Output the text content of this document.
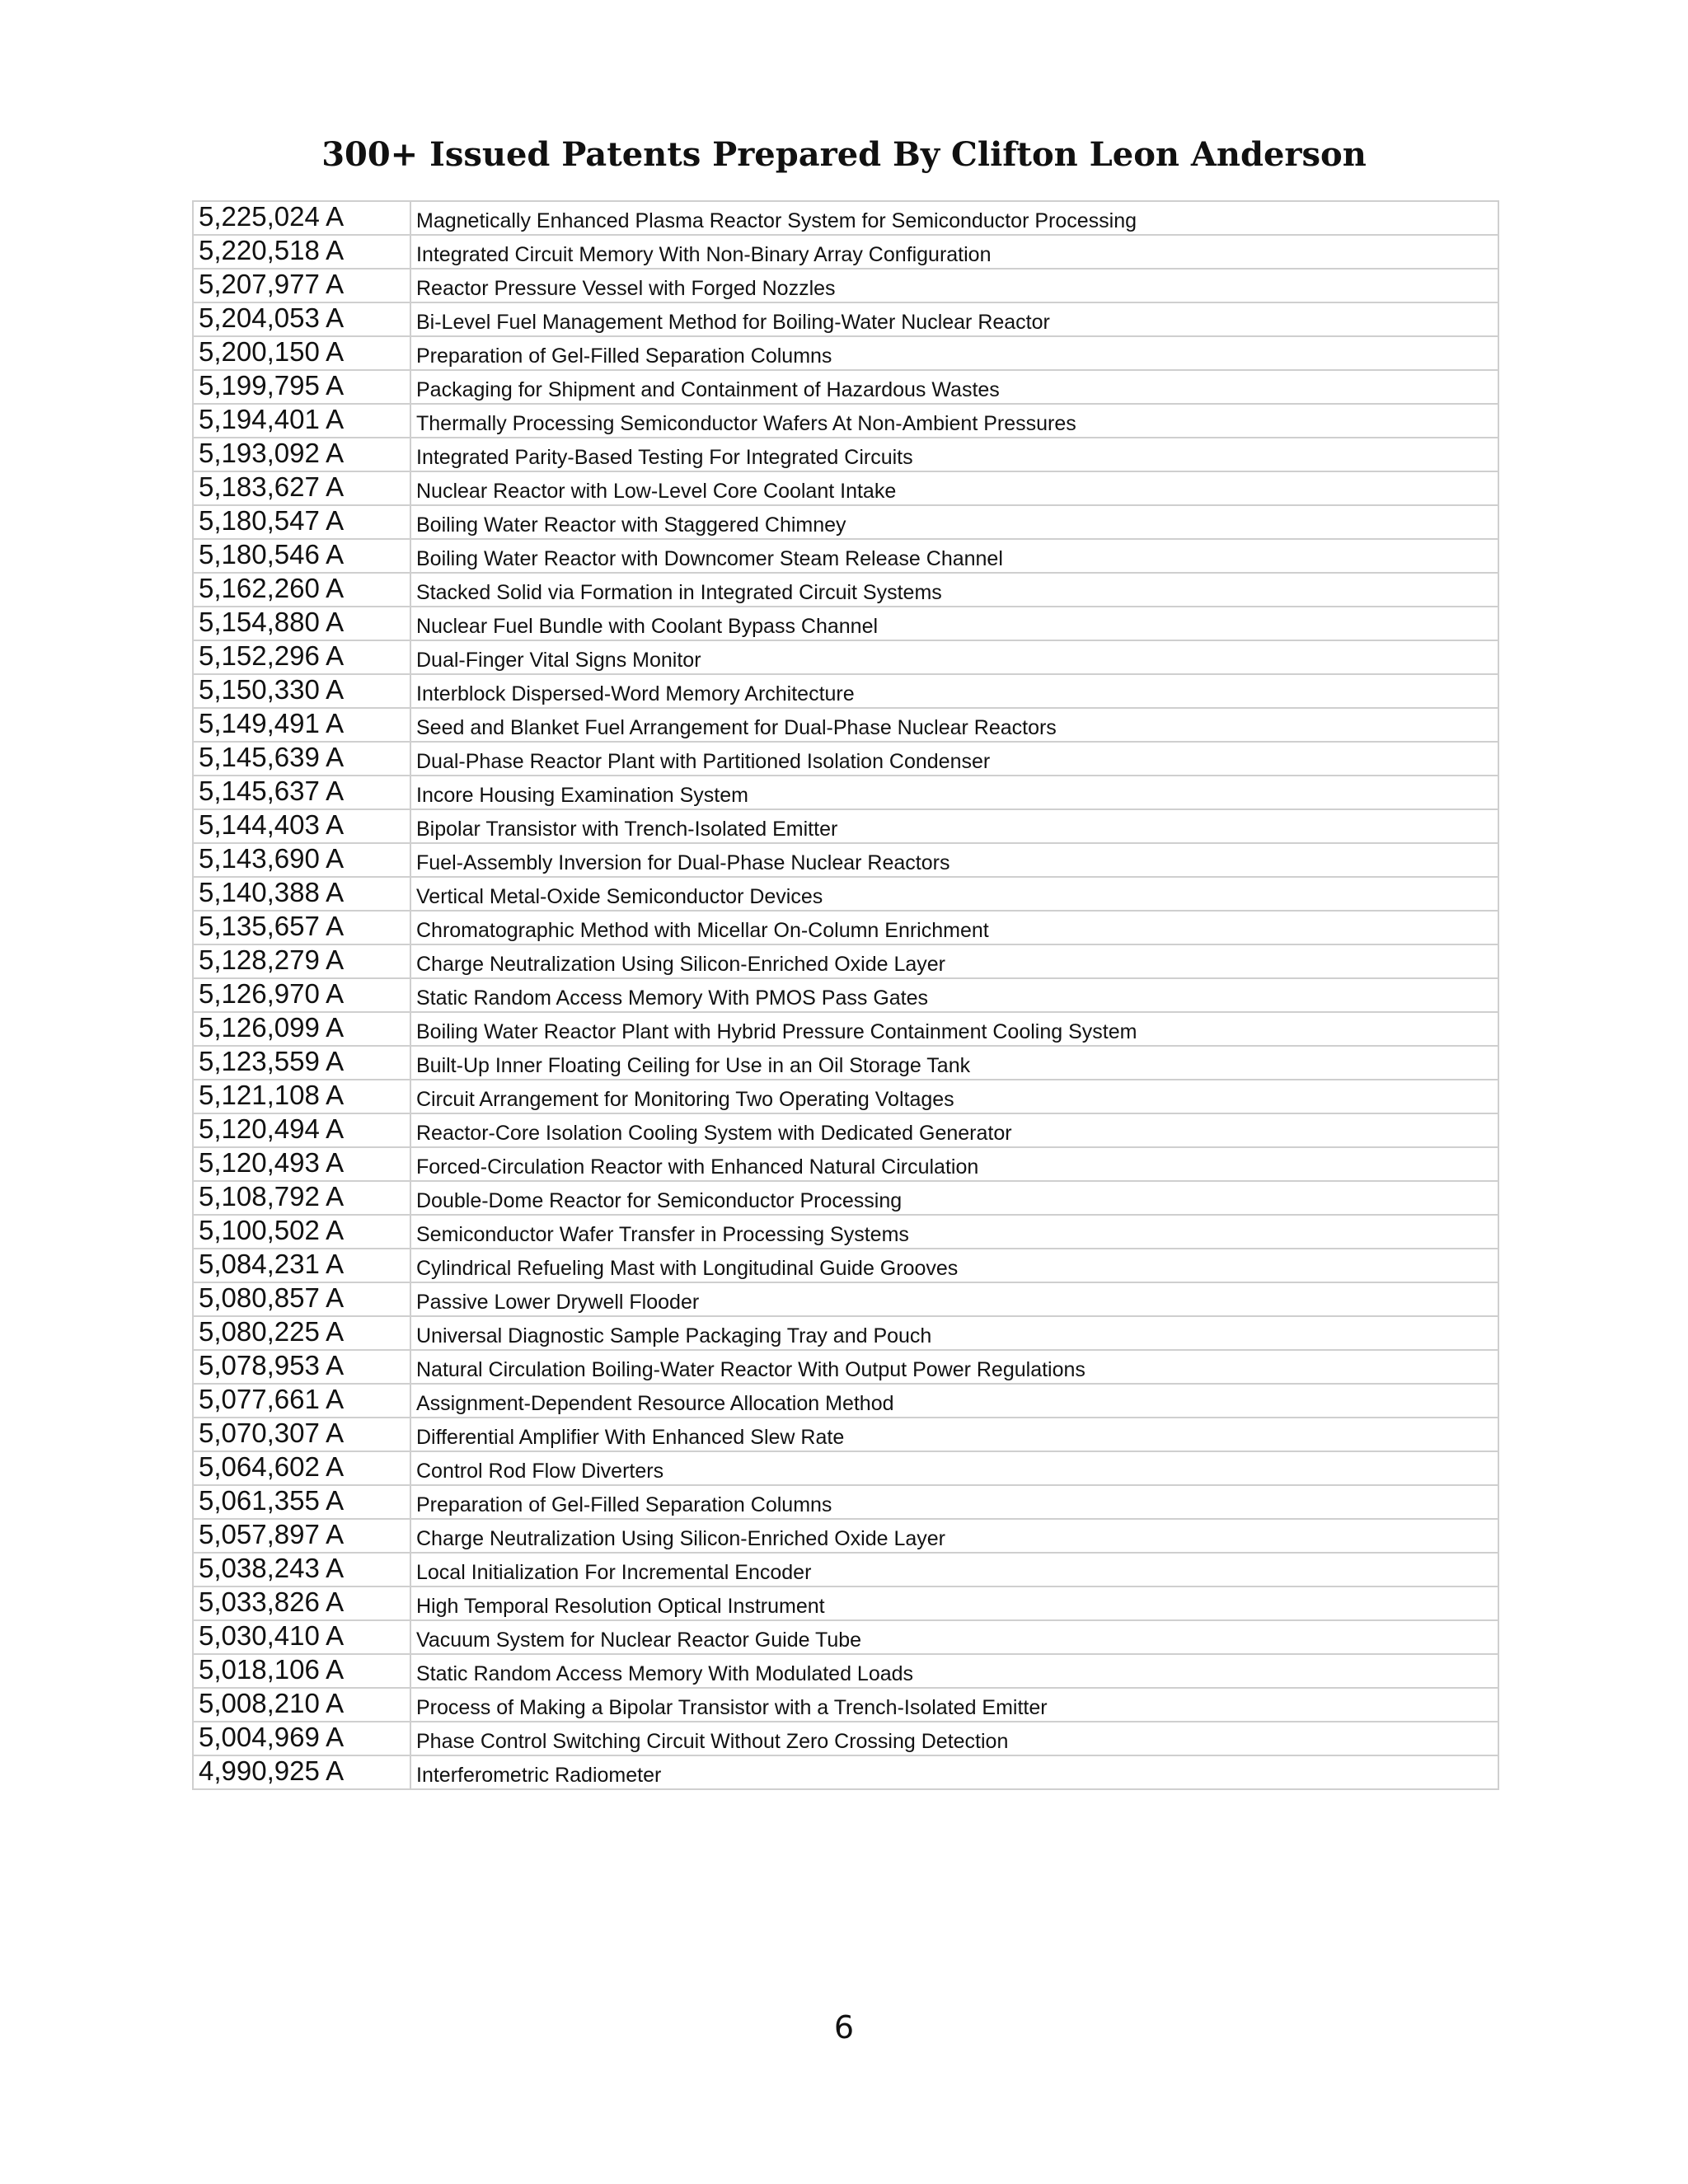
300+ Issued Patents Prepared By Clifton Leon Anderson
5,225,024 A	Magnetically Enhanced Plasma Reactor System for Semiconductor Processing
5,220,518 A	Integrated Circuit Memory With Non-Binary Array Configuration
5,207,977 A	Reactor Pressure Vessel with Forged Nozzles
5,204,053 A	Bi-Level Fuel Management Method for Boiling-Water Nuclear Reactor
5,200,150 A	Preparation of Gel-Filled Separation Columns
5,199,795 A	Packaging for Shipment and Containment of Hazardous Wastes
5,194,401 A	Thermally Processing Semiconductor Wafers At Non-Ambient Pressures
5,193,092 A	Integrated Parity-Based Testing For Integrated Circuits
5,183,627 A	Nuclear Reactor with Low-Level Core Coolant Intake
5,180,547 A	Boiling Water Reactor with Staggered Chimney
5,180,546 A	Boiling Water Reactor with Downcomer Steam Release Channel
5,162,260 A	Stacked Solid via Formation in Integrated Circuit Systems
5,154,880 A	Nuclear Fuel Bundle with Coolant Bypass Channel
5,152,296 A	Dual-Finger Vital Signs Monitor
5,150,330 A	Interblock Dispersed-Word Memory Architecture
5,149,491 A	Seed and Blanket Fuel Arrangement for Dual-Phase Nuclear Reactors
5,145,639 A	Dual-Phase Reactor Plant with Partitioned Isolation Condenser
5,145,637 A	Incore Housing Examination System
5,144,403 A	Bipolar Transistor with Trench-Isolated Emitter
5,143,690 A	Fuel-Assembly Inversion for Dual-Phase Nuclear Reactors
5,140,388 A	Vertical Metal-Oxide Semiconductor Devices
5,135,657 A	Chromatographic Method with Micellar On-Column Enrichment
5,128,279 A	Charge Neutralization Using Silicon-Enriched Oxide Layer
5,126,970 A	Static Random Access Memory With PMOS Pass Gates
5,126,099 A	Boiling Water Reactor Plant with Hybrid Pressure Containment Cooling System
5,123,559 A	Built-Up Inner Floating Ceiling for Use in an Oil Storage Tank
5,121,108 A	Circuit Arrangement for Monitoring Two Operating Voltages
5,120,494 A	Reactor-Core Isolation Cooling System with Dedicated Generator
5,120,493 A	Forced-Circulation Reactor with Enhanced Natural Circulation
5,108,792 A	Double-Dome Reactor for Semiconductor Processing
5,100,502 A	Semiconductor Wafer Transfer in Processing Systems
5,084,231 A	Cylindrical Refueling Mast with Longitudinal Guide Grooves
5,080,857 A	Passive Lower Drywell Flooder
5,080,225 A	Universal Diagnostic Sample Packaging Tray and Pouch
5,078,953 A	Natural Circulation Boiling-Water Reactor With Output Power Regulations
5,077,661 A	Assignment-Dependent Resource Allocation Method
5,070,307 A	Differential Amplifier With Enhanced Slew Rate
5,064,602 A	Control Rod Flow Diverters
5,061,355 A	Preparation of Gel-Filled Separation Columns
5,057,897 A	Charge Neutralization Using Silicon-Enriched Oxide Layer
5,038,243 A	Local Initialization For Incremental Encoder
5,033,826 A	High Temporal Resolution Optical Instrument
5,030,410 A	Vacuum System for Nuclear Reactor Guide Tube
5,018,106 A	Static Random Access Memory With Modulated Loads
5,008,210 A	Process of Making a Bipolar Transistor with a Trench-Isolated Emitter
5,004,969 A	Phase Control Switching Circuit Without Zero Crossing Detection
4,990,925 A	Interferometric Radiometer
6
